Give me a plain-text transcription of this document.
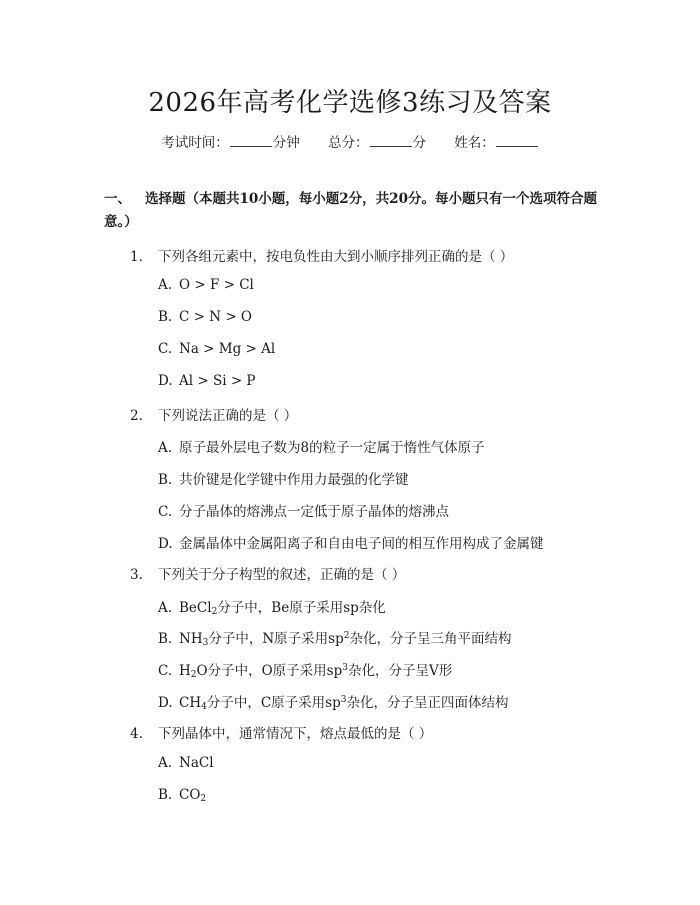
2026年高考化学选修3练习及答案
考试时间：	分钟 总分：	分 姓名：
一、 选择题（本题共10小题，每小题2分，共20分。每小题只有一个选项符合题意。）
1. 下列各组元素中，按电负性由大到小顺序排列正确的是（ ）
A. O > F > Cl
B. C > N > O
C. Na > Mg > Al
D. Al > Si > P
2. 下列说法正确的是（ ）
A. 原子最外层电子数为8的粒子一定属于惰性气体原子
B. 共价键是化学键中作用力最强的化学键
C. 分子晶体的熔沸点一定低于原子晶体的熔沸点
D. 金属晶体中金属阳离子和自由电子间的相互作用构成了金属键
3. 下列关于分子构型的叙述，正确的是（ ）
A. BeCl$_2$分子中，Be原子采用sp杂化
B. $NH_3$分子中，N原子采用$sp^2$杂化，分子呈三角平面结构
C. $H_2O$分子中，O原子采用$sp^3$杂化，分子呈V形
D. $CH_4$分子中，C原子采用$sp^3$杂化，分子呈正四面体结构
4. 下列晶体中，通常情况下，熔点最低的是（ ）
A. NaCl
B. $CO_2$
